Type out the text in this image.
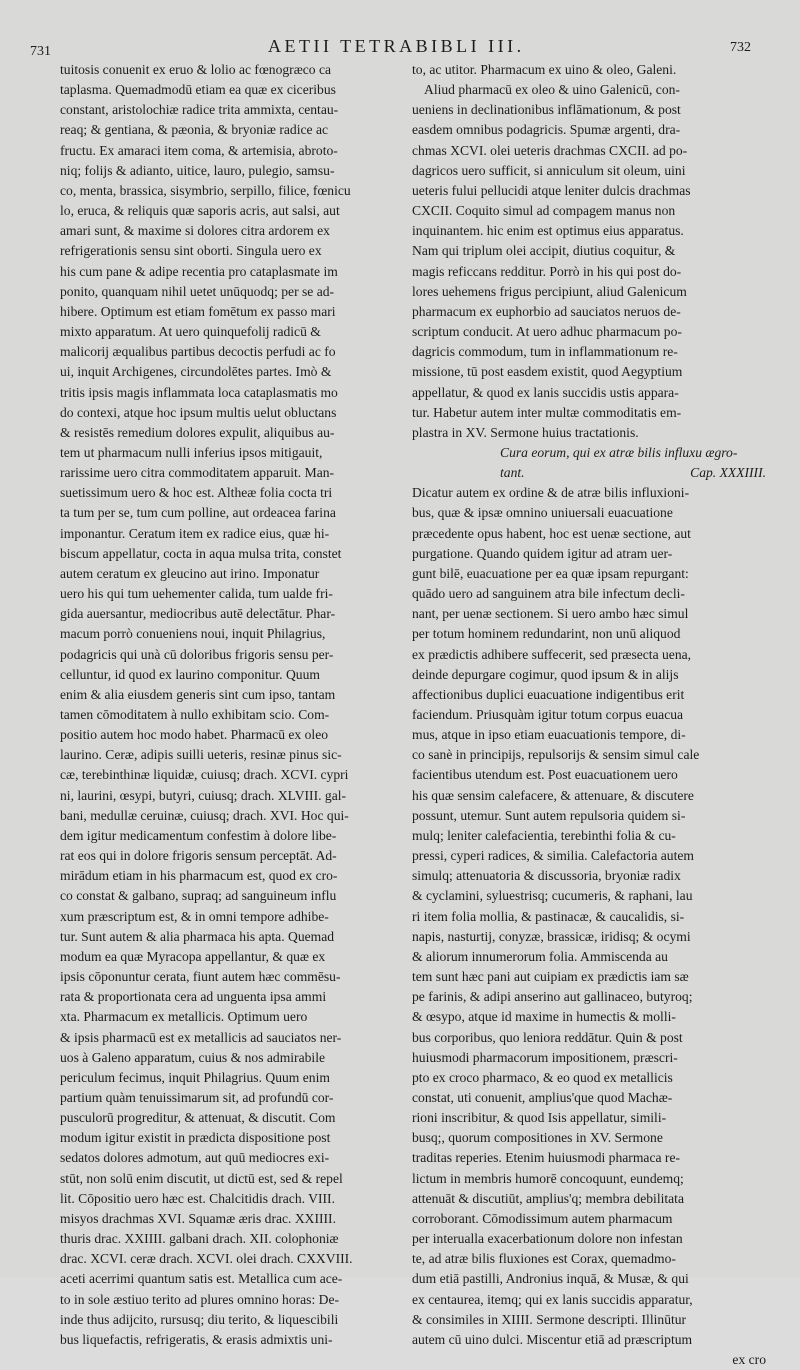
731	AETII TETRABIBLI III.	732
tuitosis conuenit ex eruo & lolio ac fœnogræco ca
taplasma. Quemadmodū etiam ea quæ ex ciceribus
constant, aristolochiæ radice trita ammixta, centau-
reaq; & gentiana, & pæonia, & bryoniæ radice ac
fructu. Ex amaraci item coma, & artemisia, abroto-
niq; folijs & adianto, uitice, lauro, pulegio, samsu-
co, menta, brassica, sisymbrio, serpillo, filice, fœnicu
lo, eruca, & reliquis quæ saporis acris, aut salsi, aut
amari sunt, & maxime si dolores citra ardorem ex
refrigerationis sensu sint oborti. Singula uero ex
his cum pane & adipe recentia pro cataplasmate im
ponito, quanquam nihil uetet unūquodq; per se ad-
hibere. Optimum est etiam fomētum ex passo mari
mixto apparatum. At uero quinquefolij radicū &
malicorij æqualibus partibus decoctis perfudi ac fo
ui, inquit Archigenes, circundolētes partes. Imò &
tritis ipsis magis inflammata loca cataplasmatis mo
do contexi, atque hoc ipsum multis uelut obluctans
& resistēs remedium dolores expulit, aliquibus au-
tem ut pharmacum nulli inferius ipsos mitigauit,
rarissime uero citra commoditatem apparuit. Man-
suetissimum uero & hoc est. Altheæ folia cocta tri
ta tum per se, tum cum polline, aut ordeacea farina
imponantur. Ceratum item ex radice eius, quæ hi-
biscum appellatur, cocta in aqua mulsa trita, constet
autem ceratum ex gleucino aut irino. Imponatur
uero his qui tum uehementer calida, tum ualde fri-
gida auersantur, mediocribus autē delectātur. Phar-
macum porrò conueniens noui, inquit Philagrius,
podagricis qui unà cū doloribus frigoris sensu per-
celluntur, id quod ex laurino componitur. Quum
enim & alia eiusdem generis sint cum ipso, tantam
tamen cōmoditatem à nullo exhibitam scio. Com-
positio autem hoc modo habet. Pharmacū ex oleo
laurino. Ceræ, adipis suilli ueteris, resinæ pinus sic-
cæ, terebinthinæ liquidæ, cuiusq; drach. XCVI. cypri
ni, laurini, œsypi, butyri, cuiusq; drach. XLVIII. gal-
bani, medullæ ceruinæ, cuiusq; drach. XVI. Hoc qui-
dem igitur medicamentum confestim à dolore libe-
rat eos qui in dolore frigoris sensum perceptāt. Ad-
mirādum etiam in his pharmacum est, quod ex cro-
co constat & galbano, supraq; ad sanguineum influ
xum præscriptum est, & in omni tempore adhibe-
tur. Sunt autem & alia pharmaca his apta. Quemad
modum ea quæ Myracopa appellantur, & quæ ex
ipsis cōponuntur cerata, fiunt autem hæc commēsu-
rata & proportionata cera ad unguenta ipsa ammi
xta. Pharmacum ex metallicis. Optimum uero
& ipsis pharmacū est ex metallicis ad sauciatos ner-
uos à Galeno apparatum, cuius & nos admirabile
periculum fecimus, inquit Philagrius. Quum enim
partium quàm tenuissimarum sit, ad profundū cor-
pusculorū progreditur, & attenuat, & discutit. Com
modum igitur existit in prædicta dispositione post
sedatos dolores admotum, aut quū mediocres exi-
stūt, non solū enim discutit, ut dictū est, sed & repel
lit. Cōpositio uero hæc est. Chalcitidis drach. VIII.
misyos drachmas XVI. Squamæ æris drac. XXIIII.
thuris drac. XXIIII. galbani drach. XII. colophoniæ
drac. XCVI. ceræ drach. XCVI. olei drach. CXXVIII.
aceti acerrimi quantum satis est. Metallica cum ace-
to in sole æstiuo terito ad plures omnino horas: De-
inde thus adijcito, rursusq; diu terito, & liquescibili
bus liquefactis, refrigeratis, & erasis admixtis uni-
to, ac utitor. Pharmacum ex uino & oleo, Galeni.
Aliud pharmacū ex oleo & uino Galenicū, con-
ueniens in declinationibus inflāmationum, & post
easdem omnibus podagricis. Spumæ argenti, dra-
chmas XCVI. olei ueteris drachmas CXCII. ad po-
dagricos uero sufficit, si anniculum sit oleum, uini
ueteris fului pellucidi atque leniter dulcis drachmas
CXCII. Coquito simul ad compagem manus non
inquinantem. hic enim est optimus eius apparatus.
Nam qui triplum olei accipit, diutius coquitur, &
magis reficcans redditur. Porrò in his qui post do-
lores uehemens frigus percipiunt, aliud Galenicum
pharmacum ex euphorbio ad sauciatos neruos de-
scriptum conducit. At uero adhuc pharmacum po-
dagricis commodum, tum in inflammationum re-
missione, tū post easdem existit, quod Aegyptium
appellatur, & quod ex lanis succidis ustis appara-
tur. Habetur autem inter multæ commoditatis em-
plastra in XV. Sermone huius tractationis.
Cura eorum, qui ex atræ bilis influxu ægro-
tant.	Cap. XXXIIII.
Dicatur autem ex ordine & de atræ bilis influxioni-
bus, quæ & ipsæ omnino uniuersali euacuatione
præcedente opus habent, hoc est uenæ sectione, aut
purgatione. Quando quidem igitur ad atram uer-
gunt bilē, euacuatione per ea quæ ipsam repurgant:
quādo uero ad sanguinem atra bile infectum decli-
nant, per uenæ sectionem. Si uero ambo hæc simul
per totum hominem redundarint, non unū aliquod
ex prædictis adhibere suffecerit, sed præsecta uena,
deinde depurgare cogimur, quod ipsum & in alijs
affectionibus duplici euacuatione indigentibus erit
faciendum. Priusquàm igitur totum corpus euacua
mus, atque in ipso etiam euacuationis tempore, di-
co sanè in principijs, repulsorijs & sensim simul cale
facientibus utendum est. Post euacuationem uero
his quæ sensim calefacere, & attenuare, & discutere
possunt, utemur. Sunt autem repulsoria quidem si-
mulq; leniter calefacientia, terebinthi folia & cu-
pressi, cyperi radices, & similia. Calefactoria autem
simulq; attenuatoria & discussoria, bryoniæ radix
& cyclamini, syluestrisq; cucumeris, & raphani, lau
ri item folia mollia, & pastinacæ, & caucalidis, si-
napis, nasturtij, conyzæ, brassicæ, iridisq; & ocymi
& aliorum innumerorum folia. Ammiscenda au
tem sunt hæc pani aut cuipiam ex prædictis iam sæ
pe farinis, & adipi anserino aut gallinaceo, butyroq;
& œsypo, atque id maxime in humectis & molli-
bus corporibus, quo leniora reddātur. Quin & post
huiusmodi pharmacorum impositionem, præscri-
pto ex croco pharmaco, & eo quod ex metallicis
constat, uti conuenit, amplius'que quod Machæ-
rioni inscribitur, & quod Isis appellatur, simili-
busq;, quorum compositiones in XV. Sermone
traditas reperies. Etenim huiusmodi pharmaca re-
lictum in membris humorē concoquunt, eundemq;
attenuāt & discutiūt, amplius'q; membra debilitata
corroborant. Cōmodissimum autem pharmacum
per interualla exacerbationum dolore non infestan
te, ad atræ bilis fluxiones est Corax, quemadmo-
dum etiā pastilli, Andronius inquā, & Musæ, & qui
ex centaurea, itemq; qui ex lanis succidis apparatur,
& consimiles in XIIII. Sermone descripti. Illinūtur
autem cū uino dulci. Miscentur etiā ad præscriptum
ex cro
